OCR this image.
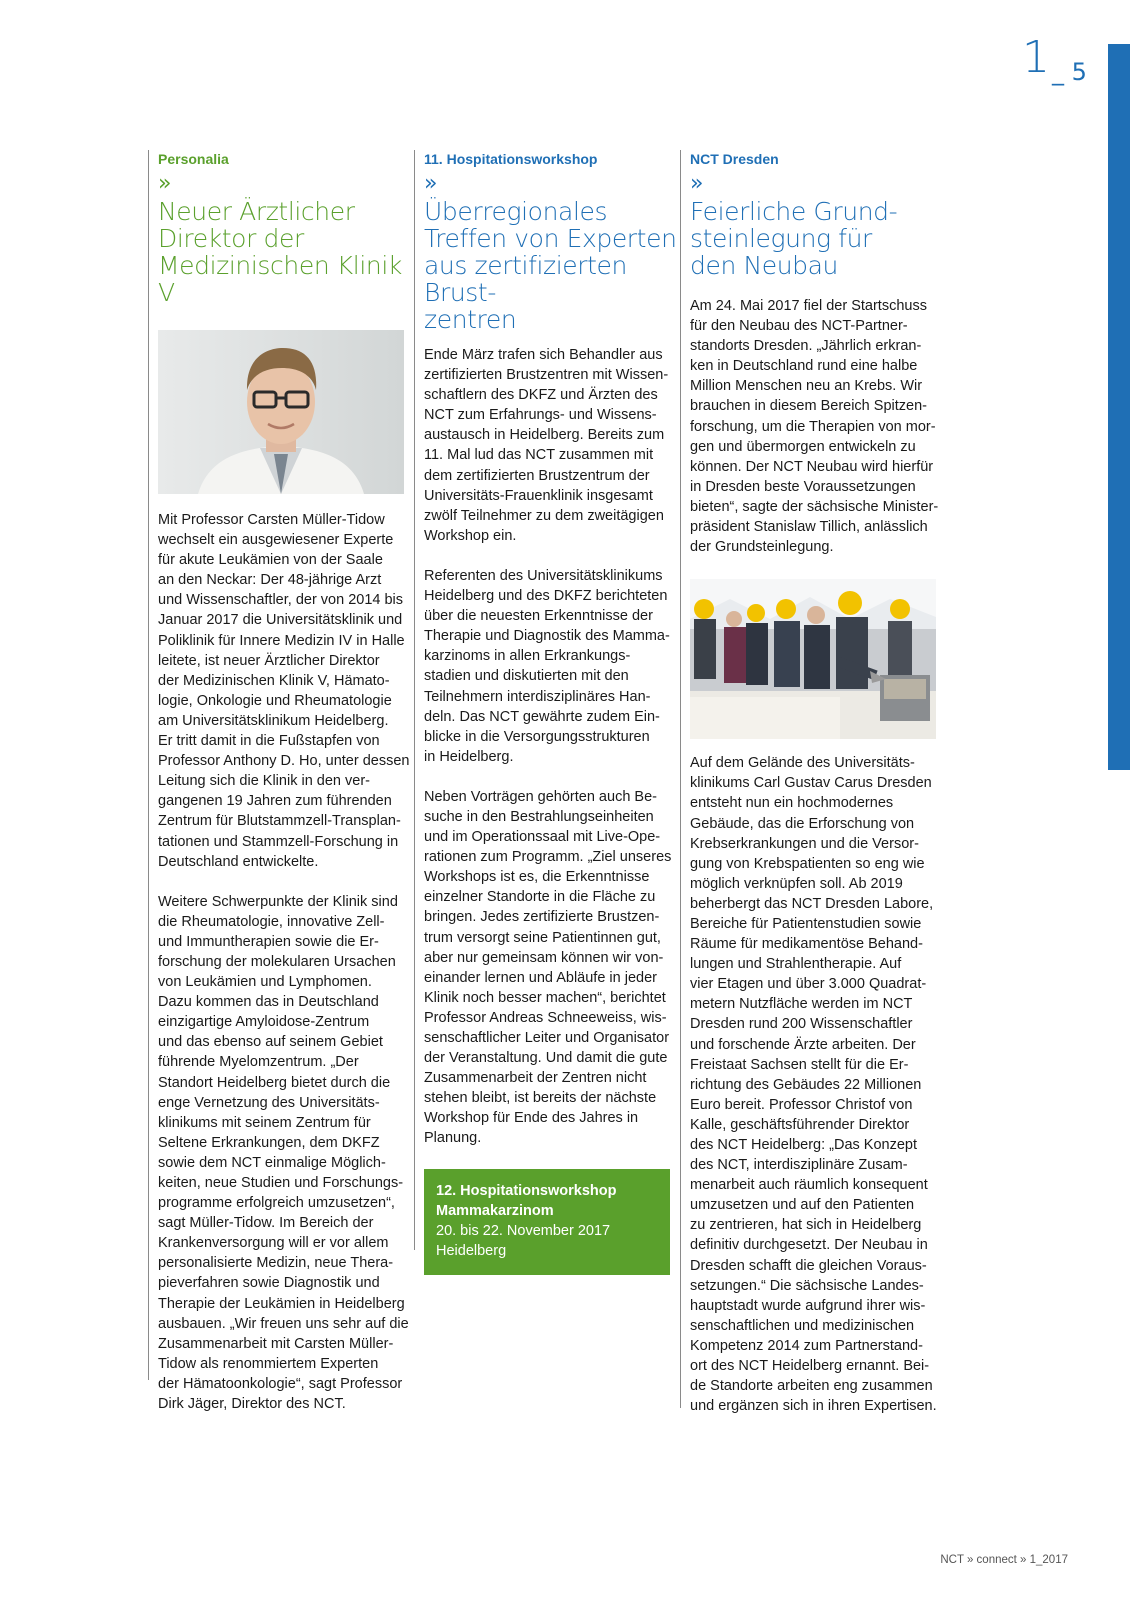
1 _ 5
Personalia
»
Neuer Ärztlicher
Direktor der
Medizinischen Klinik V
Mit Professor Carsten Müller-Tidow
wechselt ein ausgewiesener Experte
für akute Leukämien von der Saale
an den Neckar: Der 48-jährige Arzt
und Wissenschaftler, der von 2014 bis
Januar 2017 die Universitätsklinik und
Poliklinik für Innere Medizin IV in Halle
leitete, ist neuer Ärztlicher Direktor
der Medizinischen Klinik V, Hämato-
logie, Onkologie und Rheumatologie
am Universitätsklinikum Heidelberg.
Er tritt damit in die Fußstapfen von
Professor Anthony D. Ho, unter dessen
Leitung sich die Klinik in den ver-
gangenen 19 Jahren zum führenden
Zentrum für Blutstammzell-Transplan-
tationen und Stammzell-Forschung in
Deutschland entwickelte.
Weitere Schwerpunkte der Klinik sind
die Rheumatologie, innovative Zell-
und Immuntherapien sowie die Er-
forschung der molekularen Ursachen
von Leukämien und Lymphomen.
Dazu kommen das in Deutschland
einzigartige Amyloidose-Zentrum
und das ebenso auf seinem Gebiet
führende Myelomzentrum. „Der
Standort Heidelberg bietet durch die
enge Vernetzung des Universitäts-
klinikums mit seinem Zentrum für
Seltene Erkrankungen, dem DKFZ
sowie dem NCT einmalige Möglich-
keiten, neue Studien und Forschungs-
programme erfolgreich umzusetzen“,
sagt Müller-Tidow. Im Bereich der
Krankenversorgung will er vor allem
personalisierte Medizin, neue Thera-
pieverfahren sowie Diagnostik und
Therapie der Leukämien in Heidelberg
ausbauen. „Wir freuen uns sehr auf die
Zusammenarbeit mit Carsten Müller-
Tidow als renommiertem Experten
der Hämatoonkologie“, sagt Professor
Dirk Jäger, Direktor des NCT.
11. Hospitationsworkshop
»
Überregionales
Treffen von Experten
aus zertifizierten Brust-
zentren
Ende März trafen sich Behandler aus
zertifizierten Brustzentren mit Wissen-
schaftlern des DKFZ und Ärzten des
NCT zum Erfahrungs- und Wissens-
austausch in Heidelberg. Bereits zum
11. Mal lud das NCT zusammen mit
dem zertifizierten Brustzentrum der
Universitäts-Frauenklinik insgesamt
zwölf Teilnehmer zu dem zweitägigen
Workshop ein.
Referenten des Universitätsklinikums
Heidelberg und des DKFZ berichteten
über die neuesten Erkenntnisse der
Therapie und Diagnostik des Mamma-
karzinoms in allen Erkrankungs-
stadien und diskutierten mit den
Teilnehmern interdisziplinäres Han-
deln. Das NCT gewährte zudem Ein-
blicke in die Versorgungsstrukturen
in Heidelberg.
Neben Vorträgen gehörten auch Be-
suche in den Bestrahlungseinheiten
und im Operationssaal mit Live-Ope-
rationen zum Programm. „Ziel unseres
Workshops ist es, die Erkenntnisse
einzelner Standorte in die Fläche zu
bringen. Jedes zertifizierte Brustzen-
trum versorgt seine Patientinnen gut,
aber nur gemeinsam können wir von-
einander lernen und Abläufe in jeder
Klinik noch besser machen“, berichtet
Professor Andreas Schneeweiss, wis-
senschaftlicher Leiter und Organisator
der Veranstaltung. Und damit die gute
Zusammenarbeit der Zentren nicht
stehen bleibt, ist bereits der nächste
Workshop für Ende des Jahres in
Planung.
12. Hospitationsworkshop
Mammakarzinom
20. bis 22. November 2017
Heidelberg
NCT Dresden
»
Feierliche Grund-
steinlegung für
den Neubau
Am 24. Mai 2017 fiel der Startschuss
für den Neubau des NCT-Partner-
standorts Dresden. „Jährlich erkran-
ken in Deutschland rund eine halbe
Million Menschen neu an Krebs. Wir
brauchen in diesem Bereich Spitzen-
forschung, um die Therapien von mor-
gen und übermorgen entwickeln zu
können. Der NCT Neubau wird hierfür
in Dresden beste Voraussetzungen
bieten“, sagte der sächsische Minister-
präsident Stanislaw Tillich, anlässlich
der Grundsteinlegung.
Auf dem Gelände des Universitäts-
klinikums Carl Gustav Carus Dresden
entsteht nun ein hochmodernes
Gebäude, das die Erforschung von
Krebserkrankungen und die Versor-
gung von Krebspatienten so eng wie
möglich verknüpfen soll. Ab 2019
beherbergt das NCT Dresden Labore,
Bereiche für Patientenstudien sowie
Räume für medikamentöse Behand-
lungen und Strahlentherapie. Auf
vier Etagen und über 3.000 Quadrat-
metern Nutzfläche werden im NCT
Dresden rund 200 Wissenschaftler
und forschende Ärzte arbeiten. Der
Freistaat Sachsen stellt für die Er-
richtung des Gebäudes 22 Millionen
Euro bereit. Professor Christof von
Kalle, geschäftsführender Direktor
des NCT Heidelberg: „Das Konzept
des NCT, interdisziplinäre Zusam-
menarbeit auch räumlich konsequent
umzusetzen und auf den Patienten
zu zentrieren, hat sich in Heidelberg
definitiv durchgesetzt. Der Neubau in
Dresden schafft die gleichen Voraus-
setzungen.“ Die sächsische Landes-
hauptstadt wurde aufgrund ihrer wis-
senschaftlichen und medizinischen
Kompetenz 2014 zum Partnerstand-
ort des NCT Heidelberg ernannt. Bei-
de Standorte arbeiten eng zusammen
und ergänzen sich in ihren Expertisen.
NCT » connect » 1_2017
